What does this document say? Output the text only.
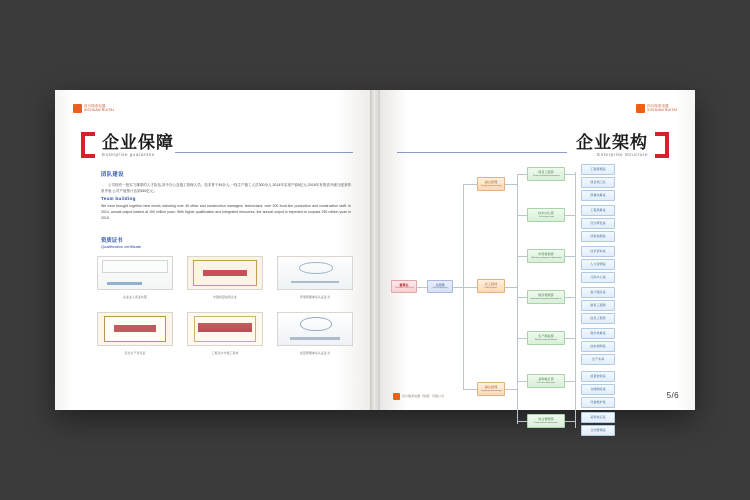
四川瑞泰电器
SICHUAN RUITAI
企业保障
Enterprise guarantee
团队建设
公司现有一批实力雄厚的人才队伍,其中办公及施工管理人员、技术骨干49余人,一线生产施工人员300余人,2014年实现产值5亿元,2015年有资质升级与配套资质齐备,公司产值预计达到150亿元。
Team building
We have brought together best minds including over 49 office and construction managers, technicians, over 300 front-line production and construction staff. In 2014, annual output totaled at 150 million yuan. With higher qualification and integrated resources, the annual output is expected to surpass 250 million yuan in 2015.
资质证书
Qualification certificate
企业法人营业执照	中国质量信用企业	环境管理体系认证证书
安全生产许可证	工程设计与施工资质	质量管理体系认证证书
四川瑞泰电器
SICHUAN RUITAI
企业架构
Enterprise Structure
董事长
Chairman of the board
总经理
General manager
副总经理
Deputy general manager
总工程师
Chief engineer
副总经理
Deputy general manager
项目工程部
Project engineering department
技术中心部
Technology center
市场营销部
Marketing management department
财务管理部
Integrated management department
生产制造部
Manufacturing department
采购供应部
Purchase department
综合管理部
Comprehensive department
工程管理室
项目施工队
预算结算室
工程预算室
设计研发室
试验检测室
技术资料室
人力资源室
行政办公室
客户服务室
销售工程师
信息工程部
财务核算室
成本控制室
生产车间
质量检验室
仓储物流室
设备维护室
采购供应室
合同管理室
四川瑞泰电器（集团）有限公司	5/6
